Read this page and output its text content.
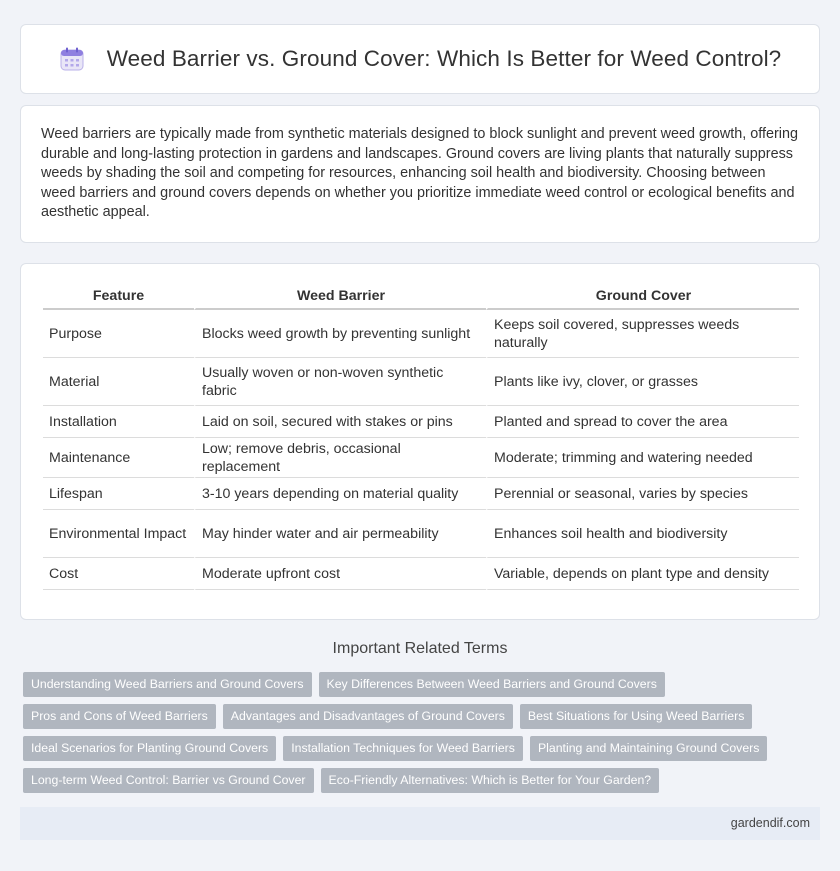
Weed Barrier vs. Ground Cover: Which Is Better for Weed Control?

Weed barriers are typically made from synthetic materials designed to block sunlight and prevent weed growth, offering durable and long-lasting protection in gardens and landscapes. Ground covers are living plants that naturally suppress weeds by shading the soil and competing for resources, enhancing soil health and biodiversity. Choosing between weed barriers and ground covers depends on whether you prioritize immediate weed control or ecological benefits and aesthetic appeal.

Feature	Weed Barrier	Ground Cover
Purpose	Blocks weed growth by preventing sunlight	Keeps soil covered, suppresses weeds naturally
Material	Usually woven or non-woven synthetic fabric	Plants like ivy, clover, or grasses
Installation	Laid on soil, secured with stakes or pins	Planted and spread to cover the area
Maintenance	Low; remove debris, occasional replacement	Moderate; trimming and watering needed
Lifespan	3-10 years depending on material quality	Perennial or seasonal, varies by species
Environmental Impact	May hinder water and air permeability	Enhances soil health and biodiversity
Cost	Moderate upfront cost	Variable, depends on plant type and density
Important Related Terms
Understanding Weed Barriers and Ground Covers	Key Differences Between Weed Barriers and Ground Covers
Pros and Cons of Weed Barriers	Advantages and Disadvantages of Ground Covers	Best Situations for Using Weed Barriers
Ideal Scenarios for Planting Ground Covers	Installation Techniques for Weed Barriers	Planting and Maintaining Ground Covers
Long-term Weed Control: Barrier vs Ground Cover	Eco-Friendly Alternatives: Which is Better for Your Garden?
gardendif.com
